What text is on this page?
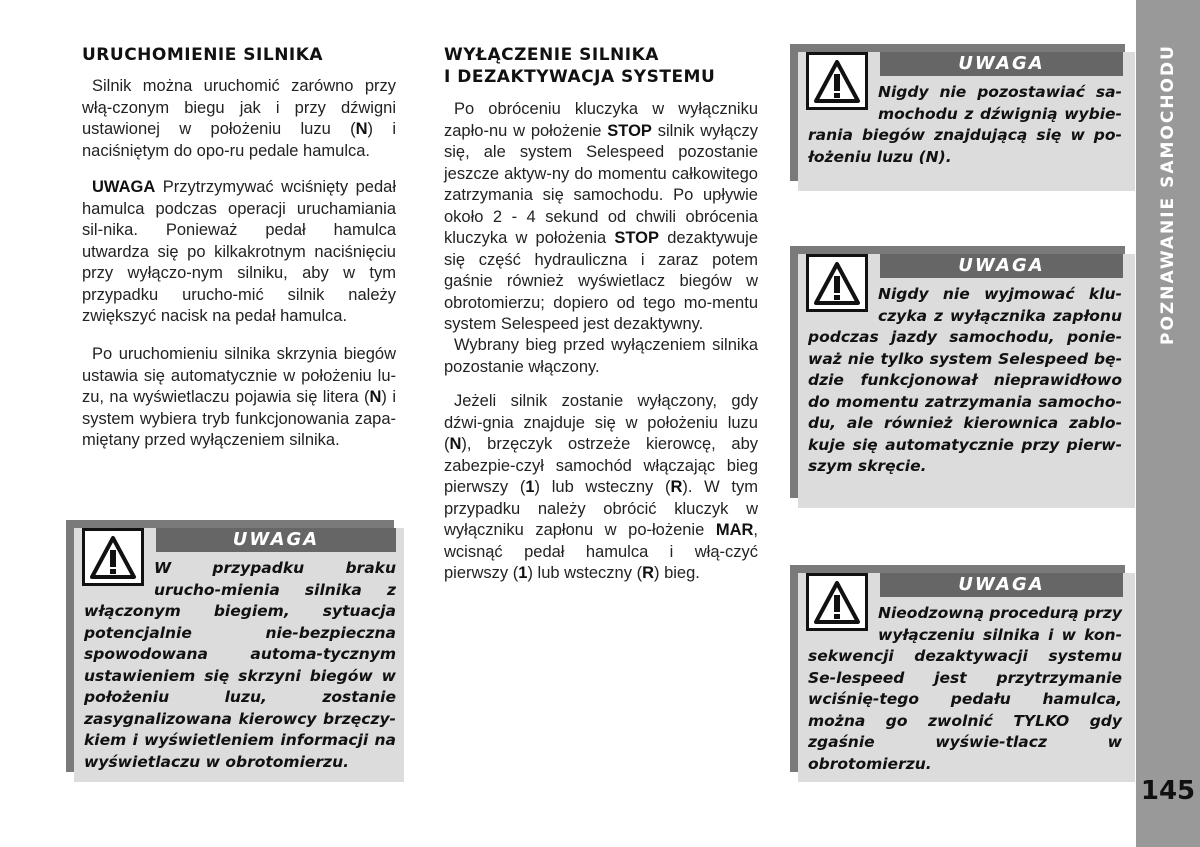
URUCHOMIENIE SILNIKA

Silnik można uruchomić zarówno przy włą-czonym biegu jak i przy dźwigni ustawionej w położeniu luzu (N) i naciśniętym do opo-ru pedale hamulca.

UWAGA Przytrzymywać wciśnięty pedał hamulca podczas operacji uruchamiania sil-nika. Ponieważ pedał hamulca utwardza się po kilkakrotnym naciśnięciu przy wyłączo-nym silniku, aby w tym przypadku urucho-mić silnik należy zwiększyć nacisk na pedał hamulca.

Po uruchomieniu silnika skrzynia biegów ustawia się automatycznie w położeniu lu-zu, na wyświetlaczu pojawia się litera (N) i system wybiera tryb funkcjonowania zapa-miętany przed wyłączeniem silnika.

WYŁĄCZENIE SILNIKA
I DEZAKTYWACJA SYSTEMU

Po obróceniu kluczyka w wyłączniku zapło-nu w położenie STOP silnik wyłączy się, ale system Selespeed pozostanie jeszcze aktyw-ny do momentu całkowitego zatrzymania się samochodu. Po upływie około 2 - 4 sekund od chwili obrócenia kluczyka w położenia STOP dezaktywuje się część hydrauliczna i zaraz potem gaśnie również wyświetlacz biegów w obrotomierzu; dopiero od tego mo-mentu system Selespeed jest dezaktywny.

Wybrany bieg przed wyłączeniem silnika pozostanie włączony.

Jeżeli silnik zostanie wyłączony, gdy dźwi-gnia znajduje się w położeniu luzu (N), brzęczyk ostrzeże kierowcę, aby zabezpie-czył samochód włączając bieg pierwszy (1) lub wsteczny (R). W tym przypadku należy obrócić kluczyk w wyłączniku zapłonu w po-łożenie MAR, wcisnąć pedał hamulca i włą-czyć pierwszy (1) lub wsteczny (R) bieg.

UWAGA

W przypadku braku urucho-mienia silnika z włączonym biegiem, sytuacja potencjalnie nie-bezpieczna spowodowana automa-tycznym ustawieniem się skrzyni biegów w położeniu luzu, zostanie zasygnalizowana kierowcy brzęczy-kiem i wyświetleniem informacji na wyświetlaczu w obrotomierzu.

UWAGA

Nigdy nie pozostawiać sa-mochodu z dźwignią wybie-rania biegów znajdującą się w po-łożeniu luzu (N).

UWAGA

Nigdy nie wyjmować klu-czyka z wyłącznika zapłonu podczas jazdy samochodu, ponie-waż nie tylko system Selespeed bę-dzie funkcjonował nieprawidłowo do momentu zatrzymania samocho-du, ale również kierownica zablo-kuje się automatycznie przy pierw-szym skręcie.

UWAGA

Nieodzowną procedurą przy wyłączeniu silnika i w kon-sekwencji dezaktywacji systemu Se-lespeed jest przytrzymanie wciśnię-tego pedału hamulca, można go zwolnić TYLKO gdy zgaśnie wyświe-tlacz w obrotomierzu.

POZNAWANIE SAMOCHODU
145
